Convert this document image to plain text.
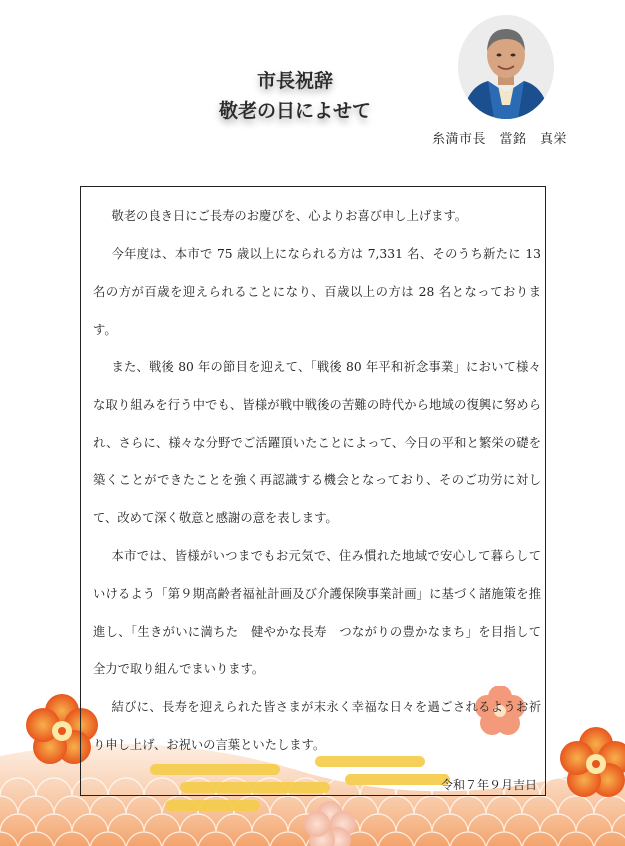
市長祝辞
敬老の日によせて
糸満市長　當銘　真栄

敬老の良き日にご長寿のお慶びを、心よりお喜び申し上げます。

今年度は、本市で 75 歳以上になられる方は 7,331 名、そのうち新たに 13 名の方が百歳を迎えられることになり、百歳以上の方は 28 名となっております。

また、戦後 80 年の節目を迎えて、「戦後 80 年平和祈念事業」において様々な取り組みを行う中でも、皆様が戦中戦後の苦難の時代から地域の復興に努められ、さらに、様々な分野でご活躍頂いたことによって、今日の平和と繁栄の礎を築くことができたことを強く再認識する機会となっており、そのご功労に対して、改めて深く敬意と感謝の意を表します。

本市では、皆様がいつまでもお元気で、住み慣れた地域で安心して暮らしていけるよう「第９期高齢者福祉計画及び介護保険事業計画」に基づく諸施策を推進し、「生きがいに満ちた　健やかな長寿　つながりの豊かなまち」を目指して全力で取り組んでまいります。

結びに、長寿を迎えられた皆さまが末永く幸福な日々を過ごされるようお祈り申し上げ、お祝いの言葉といたします。

令和７年９月吉日
